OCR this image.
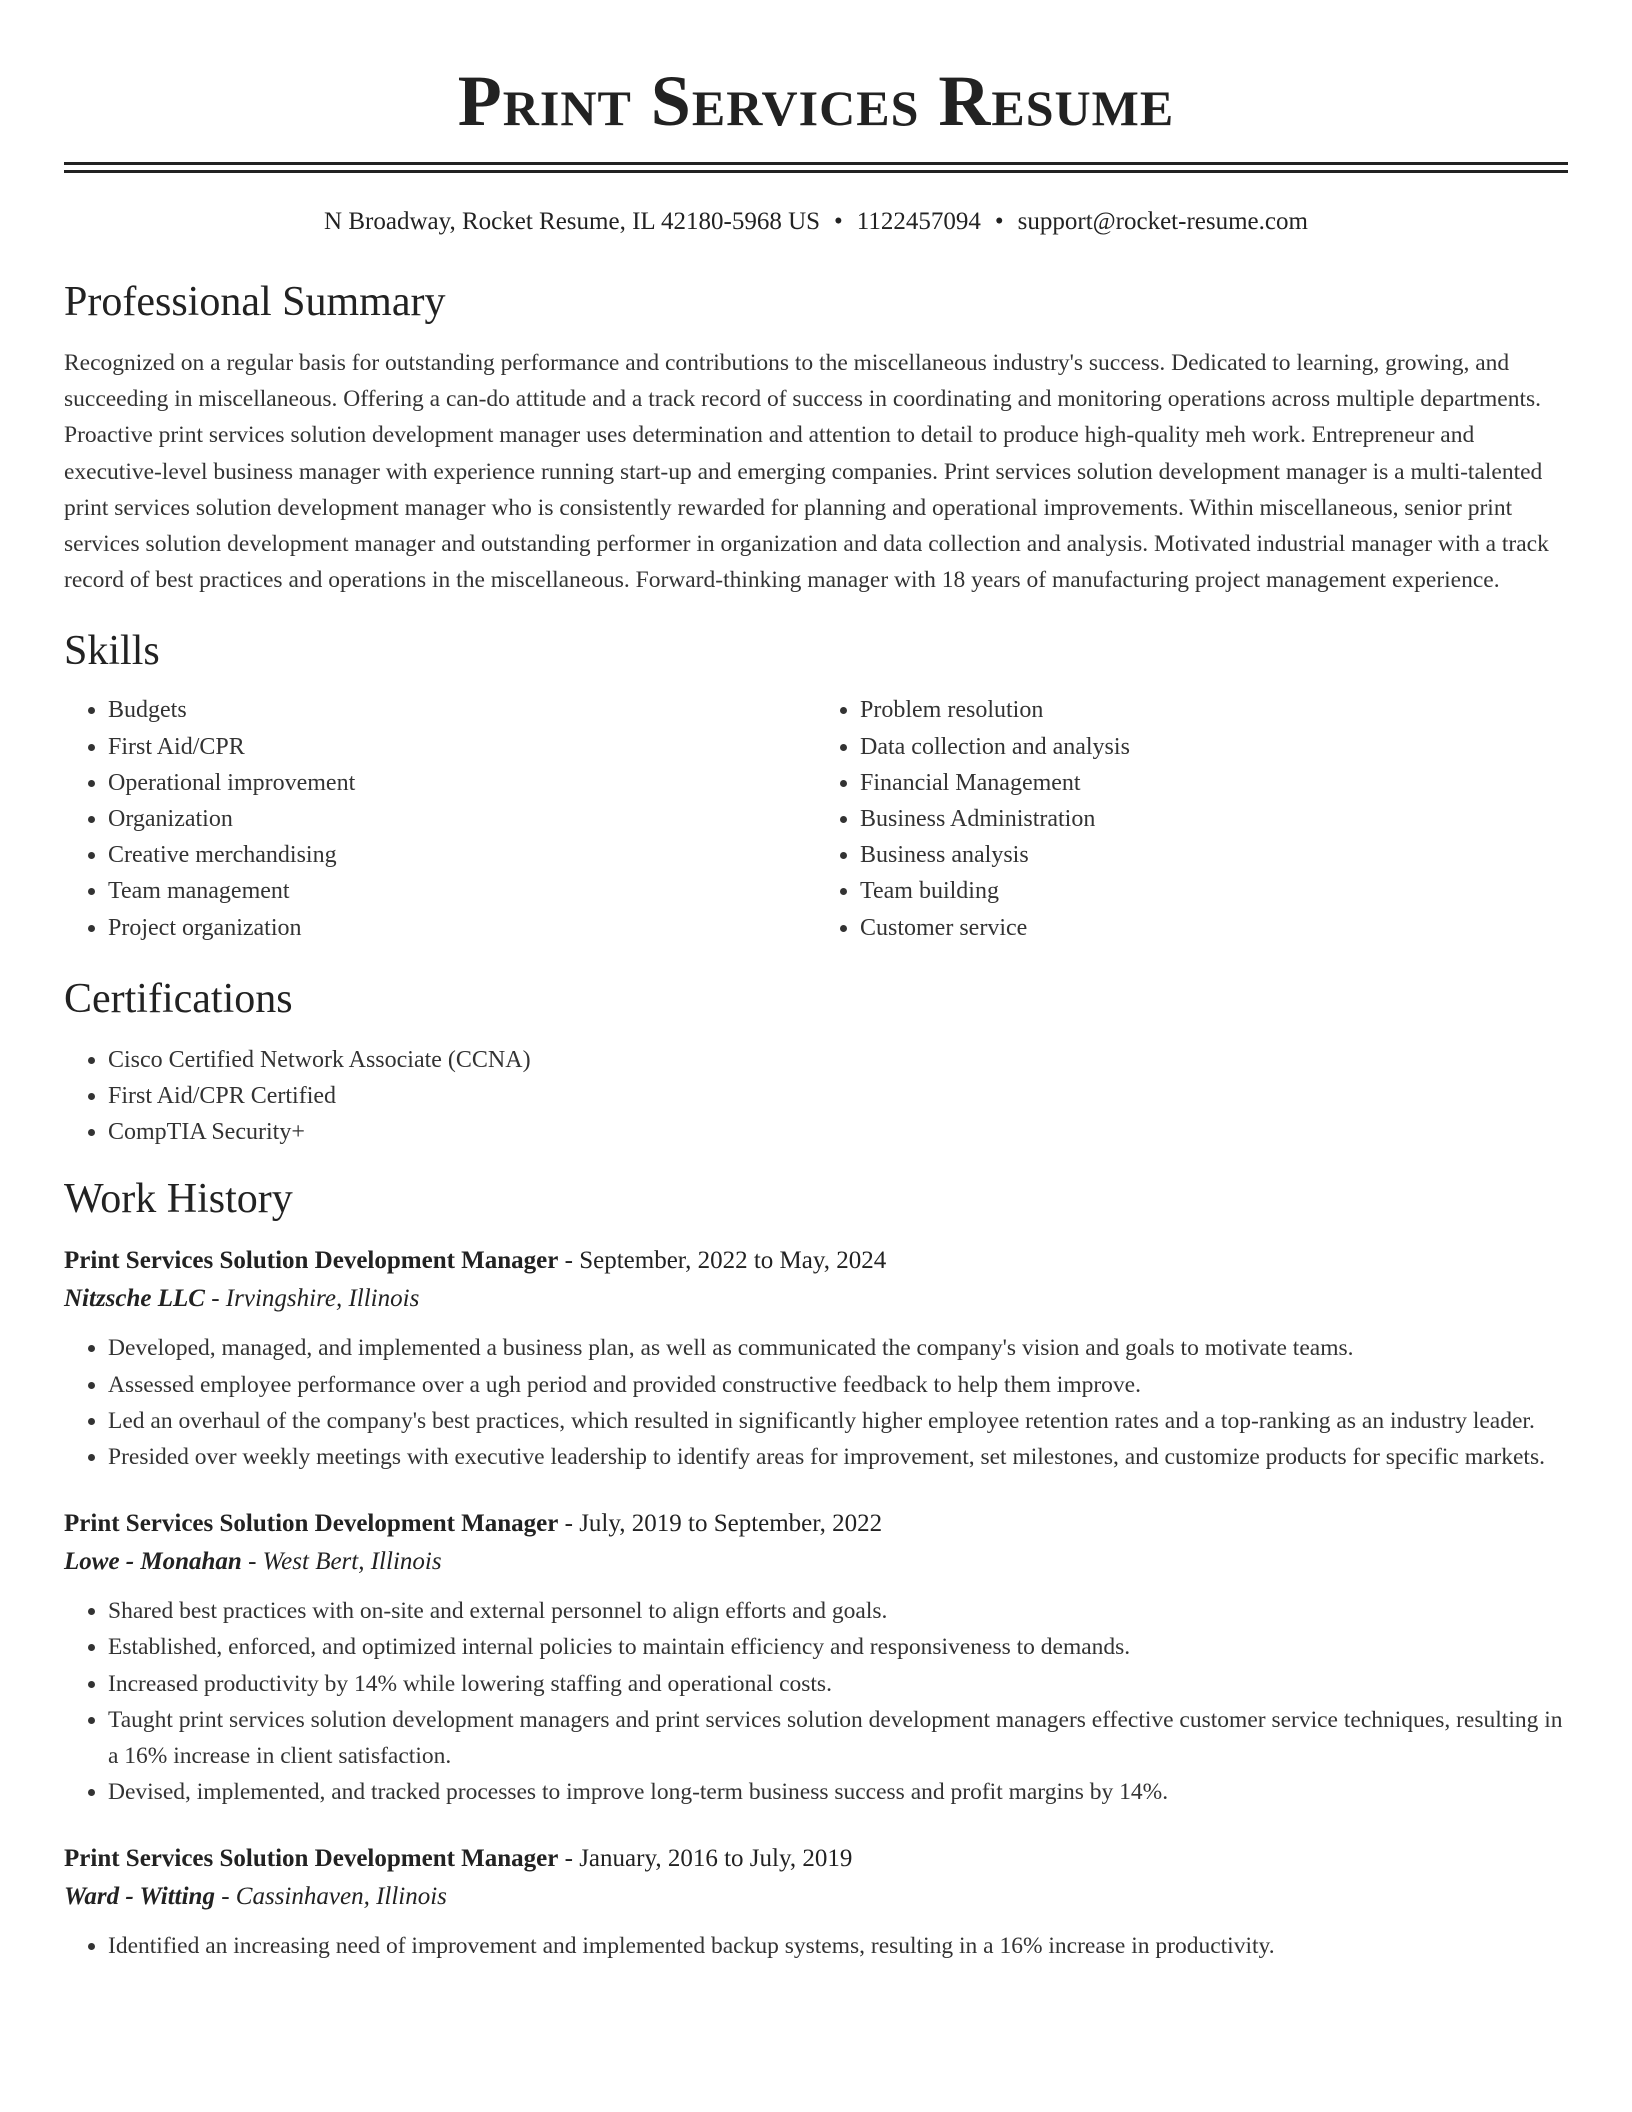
Print Services Resume
N Broadway, Rocket Resume, IL 42180-5968 US • 1122457094 • support@rocket-resume.com
Professional Summary

Recognized on a regular basis for outstanding performance and contributions to the miscellaneous industry's success. Dedicated to learning, growing, and succeeding in miscellaneous. Offering a can-do attitude and a track record of success in coordinating and monitoring operations across multiple departments. Proactive print services solution development manager uses determination and attention to detail to produce high-quality meh work. Entrepreneur and executive-level business manager with experience running start-up and emerging companies. Print services solution development manager is a multi-talented print services solution development manager who is consistently rewarded for planning and operational improvements. Within miscellaneous, senior print services solution development manager and outstanding performer in organization and data collection and analysis. Motivated industrial manager with a track record of best practices and operations in the miscellaneous. Forward-thinking manager with 18 years of manufacturing project management experience.

Skills
• Budgets
• First Aid/CPR
• Operational improvement
• Organization
• Creative merchandising
• Team management
• Project organization
• Problem resolution
• Data collection and analysis
• Financial Management
• Business Administration
• Business analysis
• Team building
• Customer service
Certifications
• Cisco Certified Network Associate (CCNA)
• First Aid/CPR Certified
• CompTIA Security+
Work History
Print Services Solution Development Manager - September, 2022 to May, 2024
Nitzsche LLC - Irvingshire, Illinois
• Developed, managed, and implemented a business plan, as well as communicated the company's vision and goals to motivate teams.
• Assessed employee performance over a ugh period and provided constructive feedback to help them improve.
• Led an overhaul of the company's best practices, which resulted in significantly higher employee retention rates and a top-ranking as an industry leader.
• Presided over weekly meetings with executive leadership to identify areas for improvement, set milestones, and customize products for specific markets.
Print Services Solution Development Manager - July, 2019 to September, 2022
Lowe - Monahan - West Bert, Illinois
• Shared best practices with on-site and external personnel to align efforts and goals.
• Established, enforced, and optimized internal policies to maintain efficiency and responsiveness to demands.
• Increased productivity by 14% while lowering staffing and operational costs.
• Taught print services solution development managers and print services solution development managers effective customer service techniques, resulting in a 16% increase in client satisfaction.
• Devised, implemented, and tracked processes to improve long-term business success and profit margins by 14%.
Print Services Solution Development Manager - January, 2016 to July, 2019
Ward - Witting - Cassinhaven, Illinois
• Identified an increasing need of improvement and implemented backup systems, resulting in a 16% increase in productivity.
